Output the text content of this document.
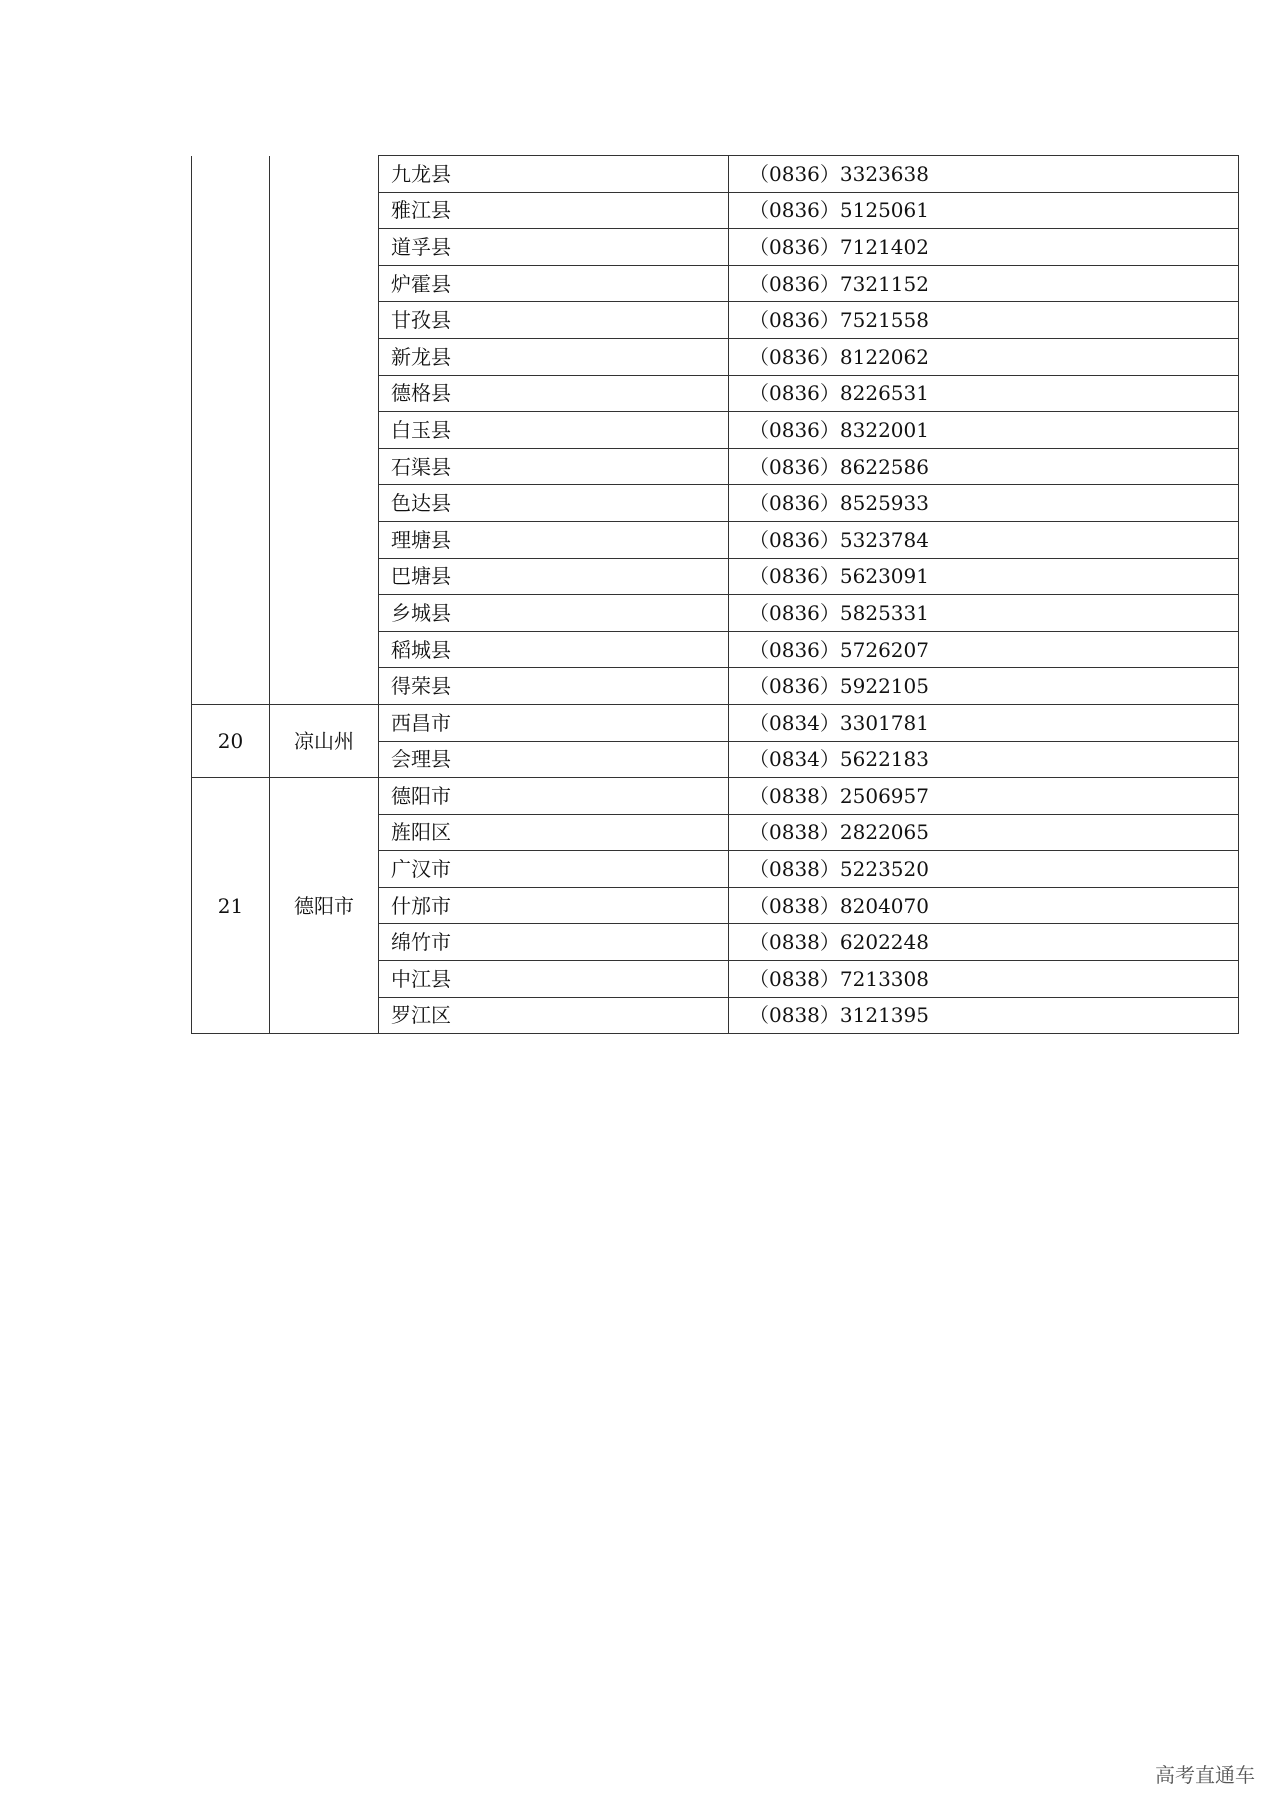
		九龙县	（0836）3323638
		雅江县	（0836）5125061
		道孚县	（0836）7121402
		炉霍县	（0836）7321152
		甘孜县	（0836）7521558
		新龙县	（0836）8122062
		德格县	（0836）8226531
		白玉县	（0836）8322001
		石渠县	（0836）8622586
		色达县	（0836）8525933
		理塘县	（0836）5323784
		巴塘县	（0836）5623091
		乡城县	（0836）5825331
		稻城县	（0836）5726207
		得荣县	（0836）5922105
20	凉山州	西昌市	（0834）3301781
		会理县	（0834）5622183
21	德阳市	德阳市	（0838）2506957
		旌阳区	（0838）2822065
		广汉市	（0838）5223520
		什邡市	（0838）8204070
		绵竹市	（0838）6202248
		中江县	（0838）7213308
		罗江区	（0838）3121395
高考直通车
